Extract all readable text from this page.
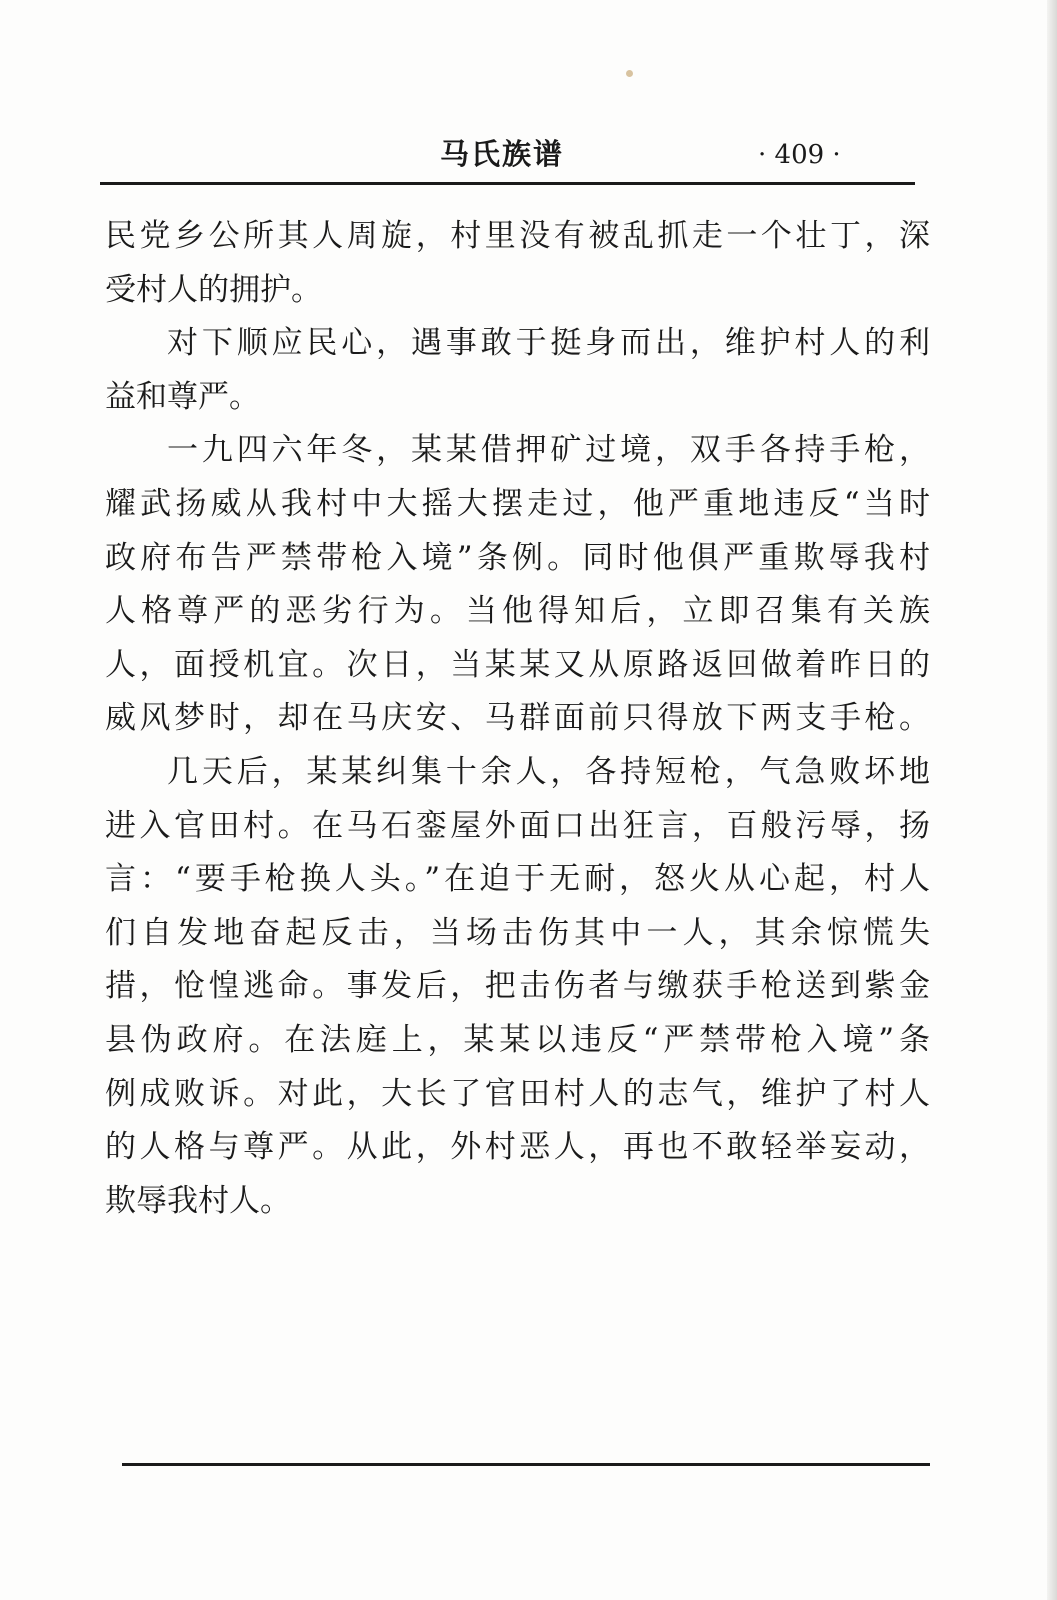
马氏族谱	· 409 ·
民党乡公所其人周旋，村里没有被乱抓走一个壮丁，深
受村人的拥护。
对下顺应民心，遇事敢于挺身而出，维护村人的利
益和尊严。
一九四六年冬，某某借押矿过境，双手各持手枪，
耀武扬威从我村中大摇大摆走过，他严重地违反“当时
政府布告严禁带枪入境”条例。同时他俱严重欺辱我村
人格尊严的恶劣行为。当他得知后，立即召集有关族
人，面授机宜。次日，当某某又从原路返回做着昨日的
威风梦时，却在马庆安、马群面前只得放下两支手枪。
几天后，某某纠集十余人，各持短枪，气急败坏地
进入官田村。在马石銮屋外面口出狂言，百般污辱，扬
言：“要手枪换人头。”在迫于无耐，怒火从心起，村人
们自发地奋起反击，当场击伤其中一人，其余惊慌失
措，怆惶逃命。事发后，把击伤者与缴获手枪送到紫金
县伪政府。在法庭上，某某以违反“严禁带枪入境”条
例成败诉。对此，大长了官田村人的志气，维护了村人
的人格与尊严。从此，外村恶人，再也不敢轻举妄动，
欺辱我村人。
